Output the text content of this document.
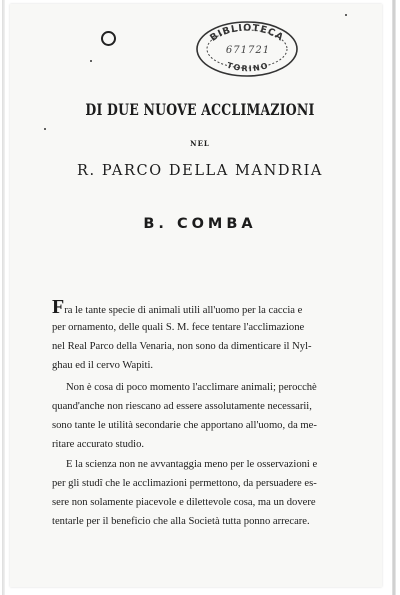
BIBLIOTECA
671721
TORINO
DI DUE NUOVE ACCLIMAZIONI
NEL
R. PARCO DELLA MANDRIA
B. COMBA
Fra le tante specie di animali utili all'uomo per la caccia e
per ornamento, delle quali S. M. fece tentare l'acclimazione
nel Real Parco della Venaria, non sono da dimenticare il Nyl-
ghau ed il cervo Wapiti.
Non è cosa di poco momento l'acclimare animali; perocchè
quand'anche non riescano ad essere assolutamente necessarii,
sono tante le utilità secondarie che apportano all'uomo, da me-
ritare accurato studio.
E la scienza non ne avvantaggia meno per le osservazioni e
per gli studî che le acclimazioni permettono, da persuadere es-
sere non solamente piacevole e dilettevole cosa, ma un dovere
tentarle per il beneficio che alla Società tutta ponno arrecare.
